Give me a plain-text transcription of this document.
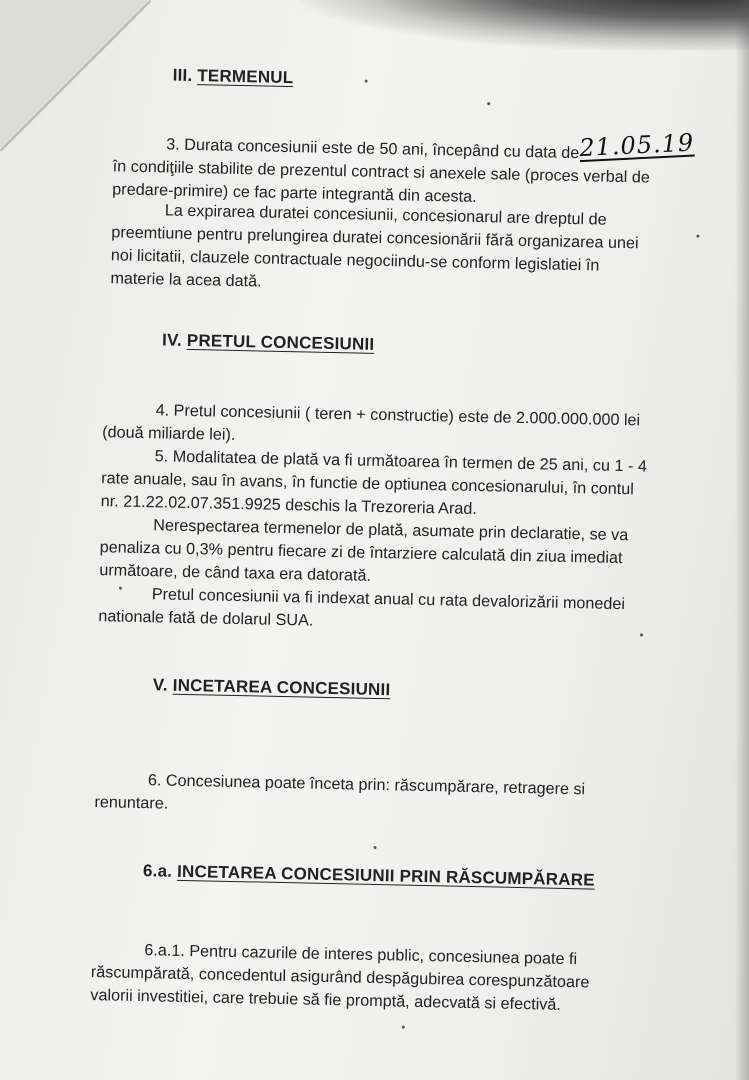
III. TERMENUL
3. Durata concesiunii este de 50 ani, începând cu data de21.05.19
în condiţiile stabilite de prezentul contract si anexele sale (proces verbal de
predare-primire) ce fac parte integrantă din acesta.
La expirarea duratei concesiunii, concesionarul are dreptul de
preemtiune pentru prelungirea duratei concesionării fără organizarea unei
noi licitatii, clauzele contractuale negociindu-se conform legislatiei în
materie la acea dată.
IV. PRETUL CONCESIUNII
4. Pretul concesiunii ( teren + constructie) este de 2.000.000.000 lei
(două miliarde lei).
5. Modalitatea de plată va fi următoarea în termen de 25 ani, cu 1 - 4
rate anuale, sau în avans, în functie de optiunea concesionarului, în contul
nr. 21.22.02.07.351.9925 deschis la Trezoreria Arad.
Nerespectarea termenelor de plată, asumate prin declaratie, se va
penaliza cu 0,3% pentru fiecare zi de întarziere calculată din ziua imediat
următoare, de când taxa era datorată.
Pretul concesiunii va fi indexat anual cu rata devalorizării monedei
nationale fată de dolarul SUA.
V. INCETAREA CONCESIUNII
6. Concesiunea poate înceta prin: răscumpărare, retragere si
renuntare.
6.a. INCETAREA CONCESIUNII PRIN RĂSCUMPĂRARE
6.a.1. Pentru cazurile de interes public, concesiunea poate fi
răscumpărată, concedentul asigurând despăgubirea corespunzătoare
valorii investitiei, care trebuie să fie promptă, adecvată si efectivă.
